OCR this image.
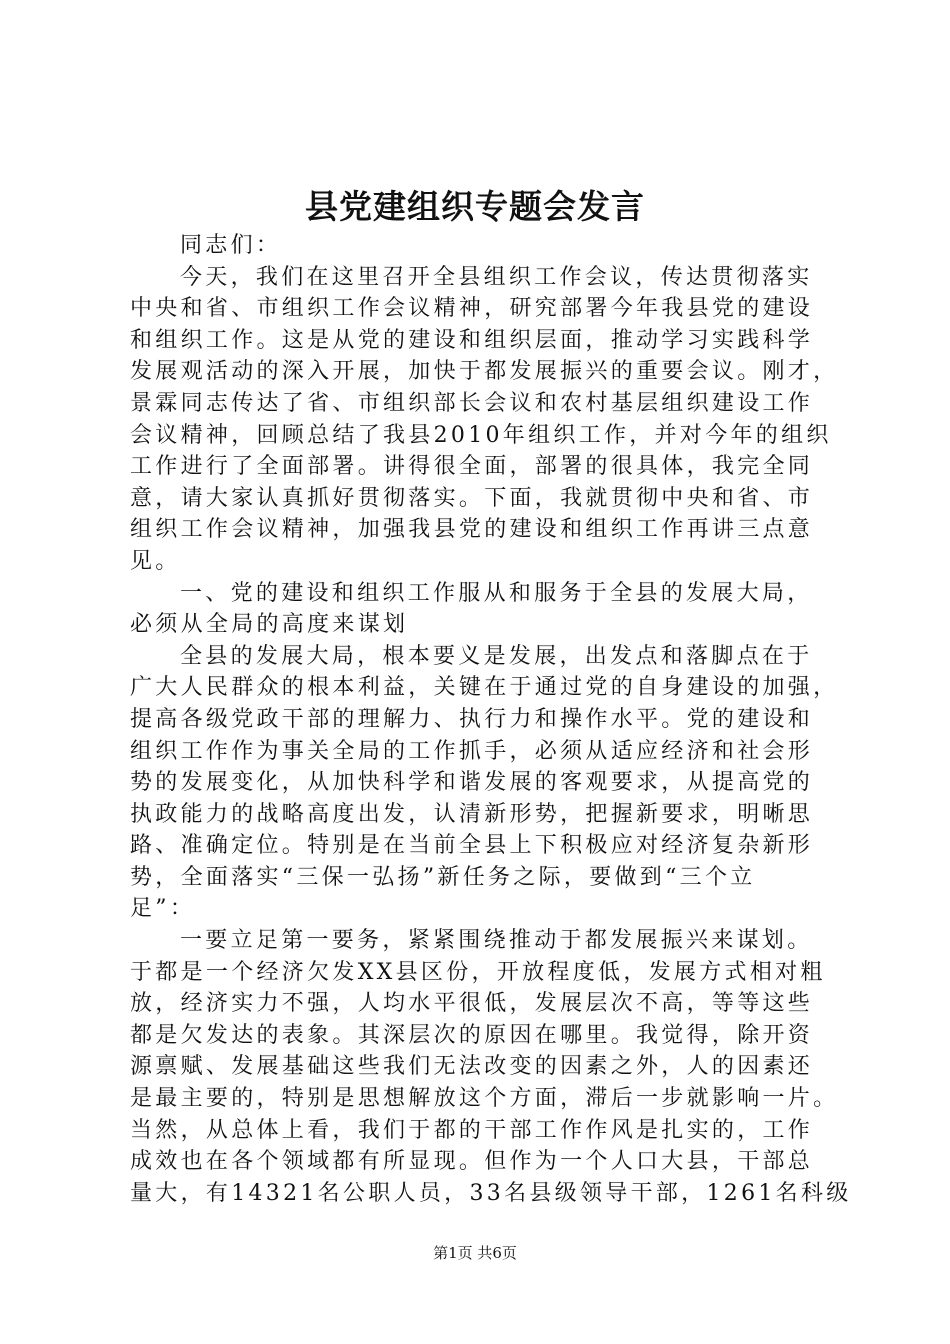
县党建组织专题会发言
同志们：
今天，我们在这里召开全县组织工作会议，传达贯彻落实
中央和省、市组织工作会议精神，研究部署今年我县党的建设
和组织工作。这是从党的建设和组织层面，推动学习实践科学
发展观活动的深入开展，加快于都发展振兴的重要会议。刚才，
景霖同志传达了省、市组织部长会议和农村基层组织建设工作
会议精神，回顾总结了我县2010年组织工作，并对今年的组织
工作进行了全面部署。讲得很全面，部署的很具体，我完全同
意，请大家认真抓好贯彻落实。下面，我就贯彻中央和省、市
组织工作会议精神，加强我县党的建设和组织工作再讲三点意
见。
一、党的建设和组织工作服从和服务于全县的发展大局，
必须从全局的高度来谋划
全县的发展大局，根本要义是发展，出发点和落脚点在于
广大人民群众的根本利益，关键在于通过党的自身建设的加强，
提高各级党政干部的理解力、执行力和操作水平。党的建设和
组织工作作为事关全局的工作抓手，必须从适应经济和社会形
势的发展变化，从加快科学和谐发展的客观要求，从提高党的
执政能力的战略高度出发，认清新形势，把握新要求，明晰思
路、准确定位。特别是在当前全县上下积极应对经济复杂新形
势，全面落实“三保一弘扬”新任务之际，要做到“三个立
足”：
一要立足第一要务，紧紧围绕推动于都发展振兴来谋划。
于都是一个经济欠发XX县区份，开放程度低，发展方式相对粗
放，经济实力不强，人均水平很低，发展层次不高，等等这些
都是欠发达的表象。其深层次的原因在哪里。我觉得，除开资
源禀赋、发展基础这些我们无法改变的因素之外，人的因素还
是最主要的，特别是思想解放这个方面，滞后一步就影响一片。
当然，从总体上看，我们于都的干部工作作风是扎实的，工作
成效也在各个领域都有所显现。但作为一个人口大县，干部总
量大，有14321名公职人员，33名县级领导干部，1261名科级
第1页 共6页
